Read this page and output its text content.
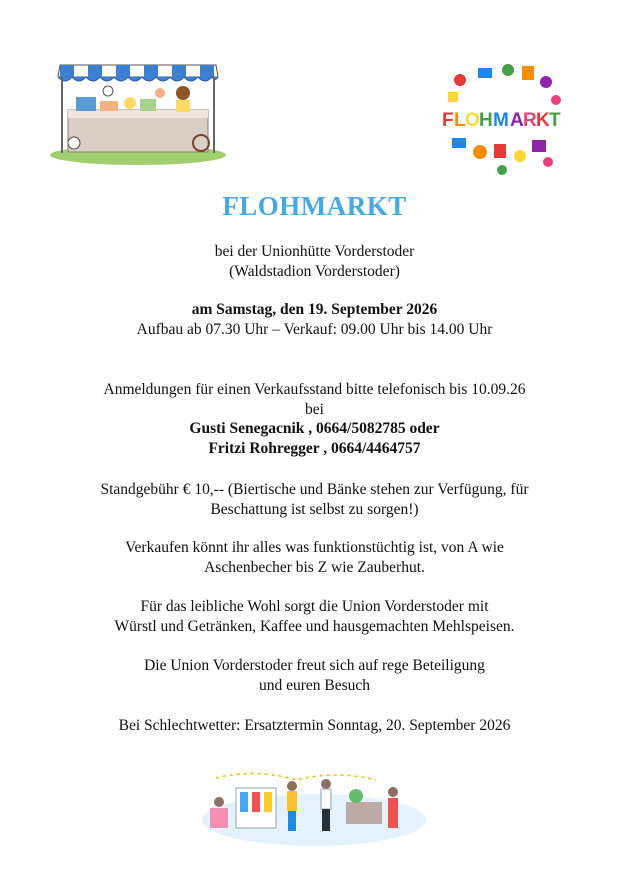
F L O H M A R K T
FLOHMARKT
bei der Unionhütte Vorderstoder
(Waldstadion Vorderstoder)
am Samstag, den 19. September 2026
Aufbau ab 07.30 Uhr – Verkauf: 09.00 Uhr bis 14.00 Uhr
Anmeldungen für einen Verkaufsstand bitte telefonisch bis 10.09.26
bei
Gusti Senegacnik , 0664/5082785 oder
Fritzi Rohregger , 0664/4464757
Standgebühr € 10,-- (Biertische und Bänke stehen zur Verfügung, für
Beschattung ist selbst zu sorgen!)
Verkaufen könnt ihr alles was funktionstüchtig ist, von A wie
Aschenbecher bis Z wie Zauberhut.
Für das leibliche Wohl sorgt die Union Vorderstoder mit
Würstl und Getränken, Kaffee und hausgemachten Mehlspeisen.
Die Union Vorderstoder freut sich auf rege Beteiligung
und euren Besuch
Bei Schlechtwetter: Ersatztermin Sonntag, 20. September 2026
